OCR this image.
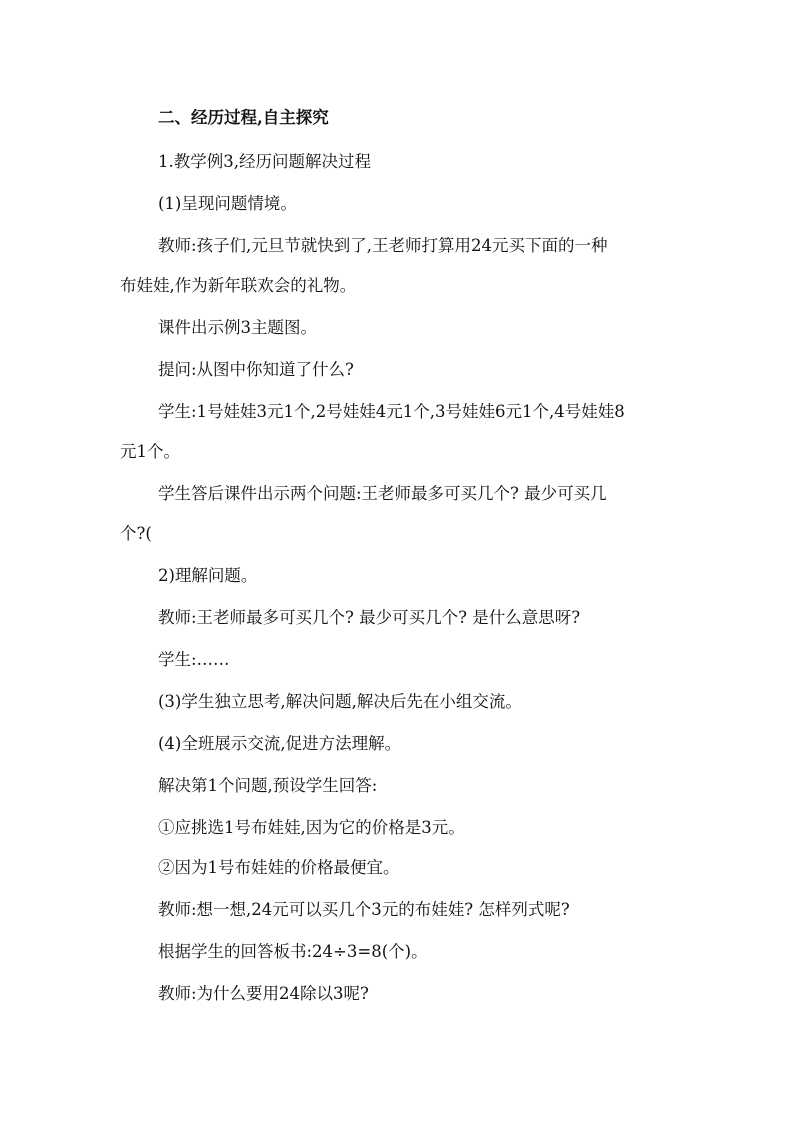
二、经历过程,自主探究
1.教学例3,经历问题解决过程
(1)呈现问题情境。
教师:孩子们,元旦节就快到了,王老师打算用24元买下面的一种
布娃娃,作为新年联欢会的礼物。
课件出示例3主题图。
提问:从图中你知道了什么?
学生:1号娃娃3元1个,2号娃娃4元1个,3号娃娃6元1个,4号娃娃8
元1个。
学生答后课件出示两个问题:王老师最多可买几个? 最少可买几
个?(
2)理解问题。
教师:王老师最多可买几个? 最少可买几个? 是什么意思呀?
学生:……
(3)学生独立思考,解决问题,解决后先在小组交流。
(4)全班展示交流,促进方法理解。
解决第1个问题,预设学生回答:
①应挑选1号布娃娃,因为它的价格是3元。
②因为1号布娃娃的价格最便宜。
教师:想一想,24元可以买几个3元的布娃娃? 怎样列式呢?
根据学生的回答板书:24÷3=8(个)。
教师:为什么要用24除以3呢?
